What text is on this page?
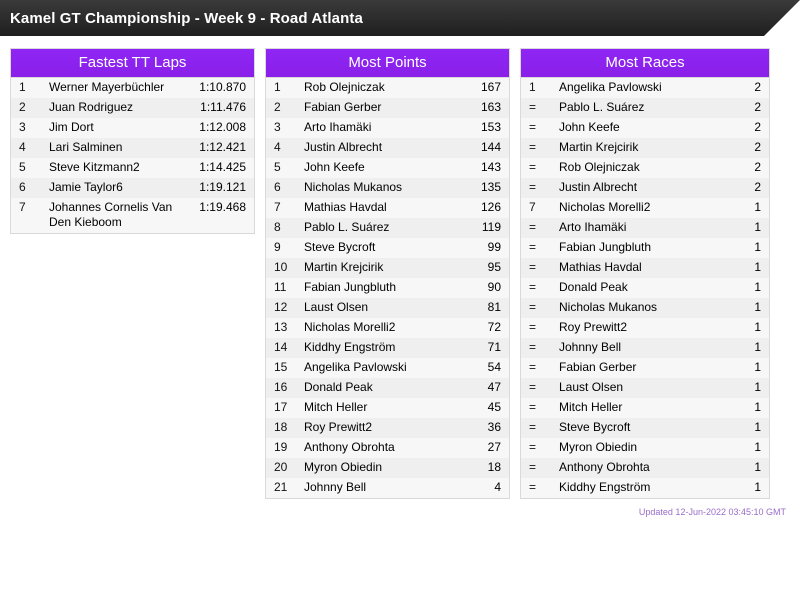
Kamel GT Championship - Week 9 - Road Atlanta
Fastest TT Laps
1	Werner Mayerbüchler	1:10.870
2	Juan Rodriguez	1:11.476
3	Jim Dort	1:12.008
4	Lari Salminen	1:12.421
5	Steve Kitzmann2	1:14.425
6	Jamie Taylor6	1:19.121
7	Johannes Cornelis Van Den Kieboom	1:19.468
Most Points
1	Rob Olejniczak	167
2	Fabian Gerber	163
3	Arto Ihamäki	153
4	Justin Albrecht	144
5	John Keefe	143
6	Nicholas Mukanos	135
7	Mathias Havdal	126
8	Pablo L. Suárez	119
9	Steve Bycroft	99
10	Martin Krejcirik	95
11	Fabian Jungbluth	90
12	Laust Olsen	81
13	Nicholas Morelli2	72
14	Kiddhy Engström	71
15	Angelika Pavlowski	54
16	Donald Peak	47
17	Mitch Heller	45
18	Roy Prewitt2	36
19	Anthony Obrohta	27
20	Myron Obiedin	18
21	Johnny Bell	4
Most Races
1	Angelika Pavlowski	2
=	Pablo L. Suárez	2
=	John Keefe	2
=	Martin Krejcirik	2
=	Rob Olejniczak	2
=	Justin Albrecht	2
7	Nicholas Morelli2	1
=	Arto Ihamäki	1
=	Fabian Jungbluth	1
=	Mathias Havdal	1
=	Donald Peak	1
=	Nicholas Mukanos	1
=	Roy Prewitt2	1
=	Johnny Bell	1
=	Fabian Gerber	1
=	Laust Olsen	1
=	Mitch Heller	1
=	Steve Bycroft	1
=	Myron Obiedin	1
=	Anthony Obrohta	1
=	Kiddhy Engström	1
Updated 12-Jun-2022 03:45:10 GMT
